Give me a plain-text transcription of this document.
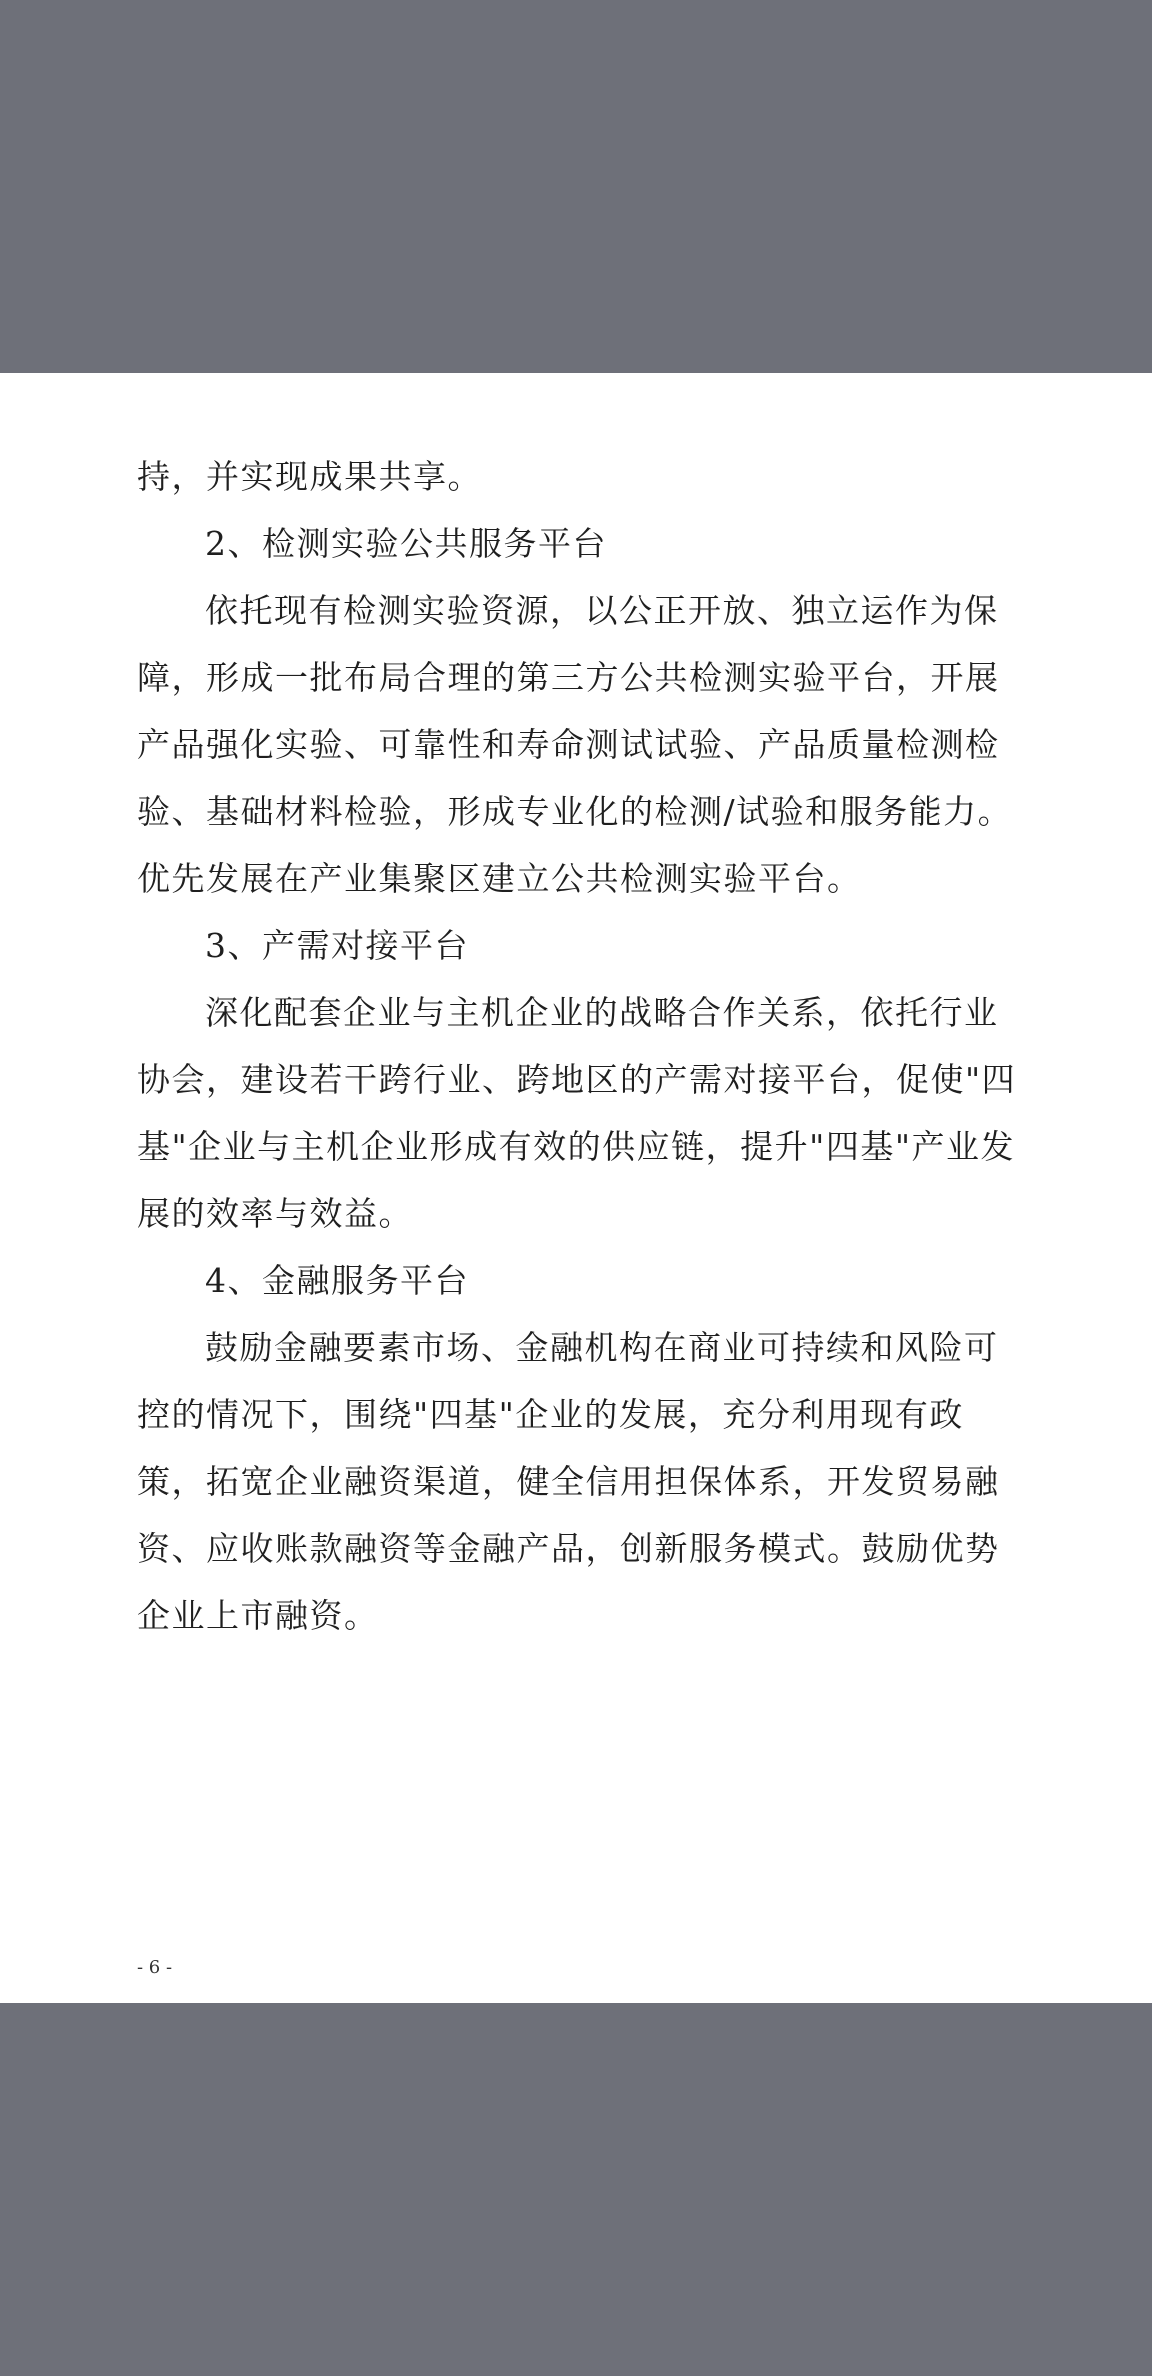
持，并实现成果共享。

2、检测实验公共服务平台

依托现有检测实验资源，以公正开放、独立运作为保障，形成一批布局合理的第三方公共检测实验平台，开展产品强化实验、可靠性和寿命测试试验、产品质量检测检验、基础材料检验，形成专业化的检测/试验和服务能力。优先发展在产业集聚区建立公共检测实验平台。

3、产需对接平台

深化配套企业与主机企业的战略合作关系，依托行业协会，建设若干跨行业、跨地区的产需对接平台，促使"四基"企业与主机企业形成有效的供应链，提升"四基"产业发展的效率与效益。

4、金融服务平台

鼓励金融要素市场、金融机构在商业可持续和风险可控的情况下，围绕"四基"企业的发展，充分利用现有政策，拓宽企业融资渠道，健全信用担保体系，开发贸易融资、应收账款融资等金融产品，创新服务模式。鼓励优势企业上市融资。

- 6 -
